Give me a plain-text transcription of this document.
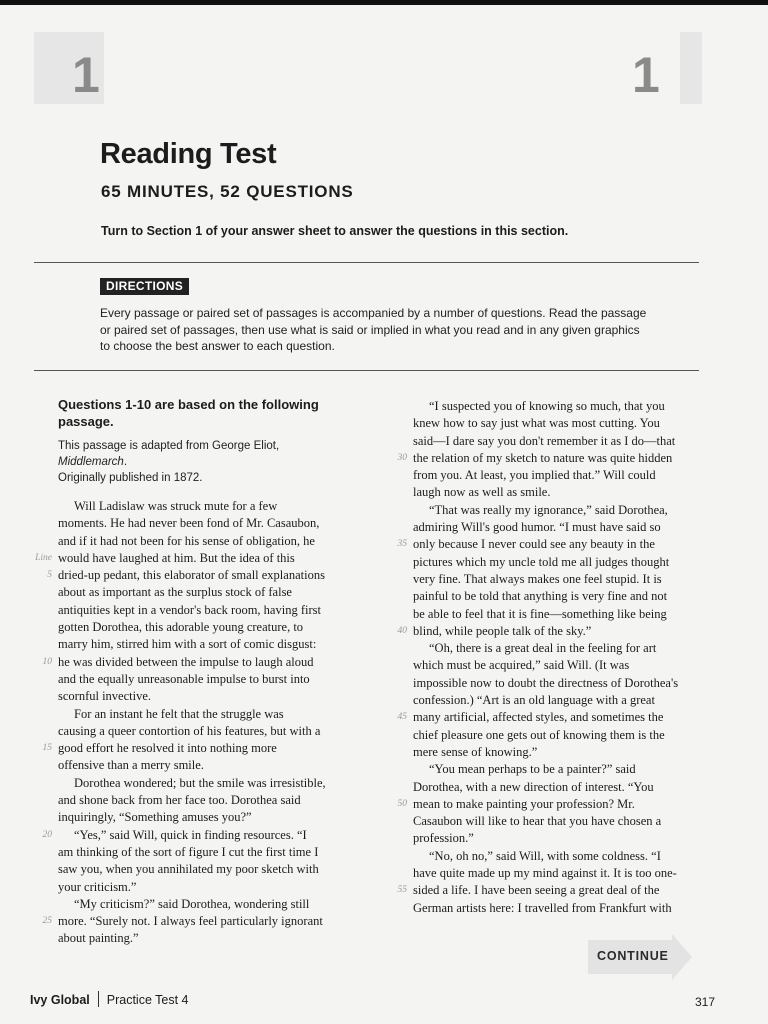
1	1
Reading Test
65 MINUTES, 52 QUESTIONS
Turn to Section 1 of your answer sheet to answer the questions in this section.
DIRECTIONS
Every passage or paired set of passages is accompanied by a number of questions. Read the passage
or paired set of passages, then use what is said or implied in what you read and in any given graphics
to choose the best answer to each question.
Questions 1-10 are based on the following
passage.
This passage is adapted from George Eliot, Middlemarch.
Originally published in 1872.
Will Ladislaw was struck mute for a few
moments. He had never been fond of Mr. Casaubon,
and if it had not been for his sense of obligation, he
Line would have laughed at him. But the idea of this
5 dried-up pedant, this elaborator of small explanations
about as important as the surplus stock of false
antiquities kept in a vendor's back room, having first
gotten Dorothea, this adorable young creature, to
marry him, stirred him with a sort of comic disgust:
10 he was divided between the impulse to laugh aloud
and the equally unreasonable impulse to burst into
scornful invective.
For an instant he felt that the struggle was
causing a queer contortion of his features, but with a
15 good effort he resolved it into nothing more
offensive than a merry smile.
Dorothea wondered; but the smile was irresistible,
and shone back from her face too. Dorothea said
inquiringly, “Something amuses you?”
20 “Yes,” said Will, quick in finding resources. “I
am thinking of the sort of figure I cut the first time I
saw you, when you annihilated my poor sketch with
your criticism.”
“My criticism?” said Dorothea, wondering still
25 more. “Surely not. I always feel particularly ignorant
about painting.”
“I suspected you of knowing so much, that you
knew how to say just what was most cutting. You
said—I dare say you don't remember it as I do—that
30 the relation of my sketch to nature was quite hidden
from you. At least, you implied that.” Will could
laugh now as well as smile.
“That was really my ignorance,” said Dorothea,
admiring Will's good humor. “I must have said so
35 only because I never could see any beauty in the
pictures which my uncle told me all judges thought
very fine. That always makes one feel stupid. It is
painful to be told that anything is very fine and not
be able to feel that it is fine—something like being
40 blind, while people talk of the sky.”
“Oh, there is a great deal in the feeling for art
which must be acquired,” said Will. (It was
impossible now to doubt the directness of Dorothea's
confession.) “Art is an old language with a great
45 many artificial, affected styles, and sometimes the
chief pleasure one gets out of knowing them is the
mere sense of knowing.”
“You mean perhaps to be a painter?” said
Dorothea, with a new direction of interest. “You
50 mean to make painting your profession? Mr.
Casaubon will like to hear that you have chosen a
profession.”
“No, oh no,” said Will, with some coldness. “I
have quite made up my mind against it. It is too one-
55 sided a life. I have been seeing a great deal of the
German artists here: I travelled from Frankfurt with
CONTINUE
Ivy Global Practice Test 4	317
